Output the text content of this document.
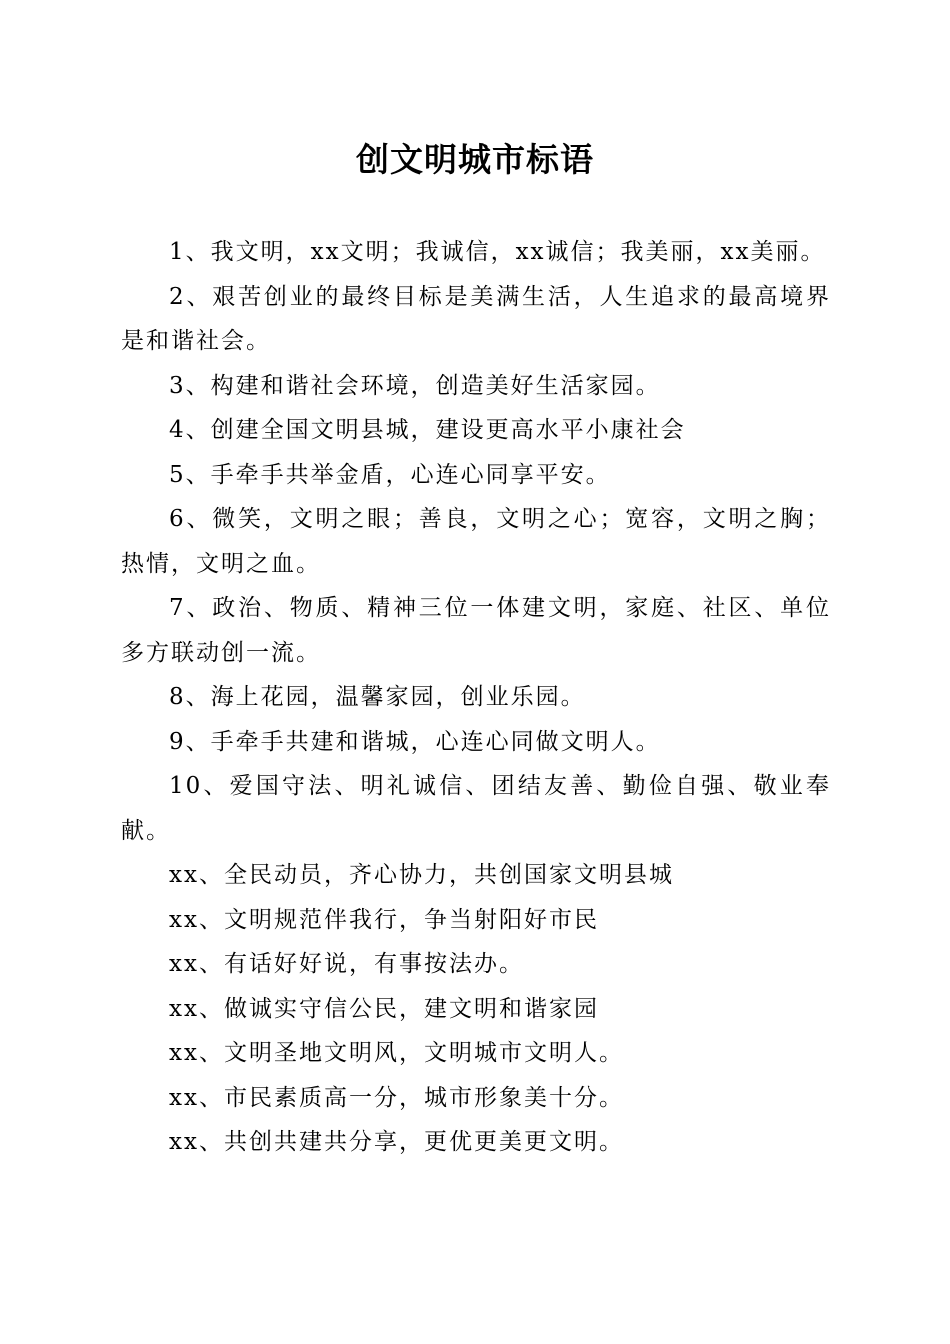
创文明城市标语

1、我文明，xx文明；我诚信，xx诚信；我美丽，xx美丽。

2、艰苦创业的最终目标是美满生活，人生追求的最高境界是和谐社会。

3、构建和谐社会环境，创造美好生活家园。

4、创建全国文明县城，建设更高水平小康社会

5、手牵手共举金盾，心连心同享平安。

6、微笑，文明之眼；善良，文明之心；宽容，文明之胸；热情，文明之血。

7、政治、物质、精神三位一体建文明，家庭、社区、单位多方联动创一流。

8、海上花园，温馨家园，创业乐园。

9、手牵手共建和谐城，心连心同做文明人。

10、爱国守法、明礼诚信、团结友善、勤俭自强、敬业奉献。

xx、全民动员，齐心协力，共创国家文明县城

xx、文明规范伴我行，争当射阳好市民

xx、有话好好说，有事按法办。

xx、做诚实守信公民，建文明和谐家园

xx、文明圣地文明风，文明城市文明人。

xx、市民素质高一分，城市形象美十分。

xx、共创共建共分享，更优更美更文明。
